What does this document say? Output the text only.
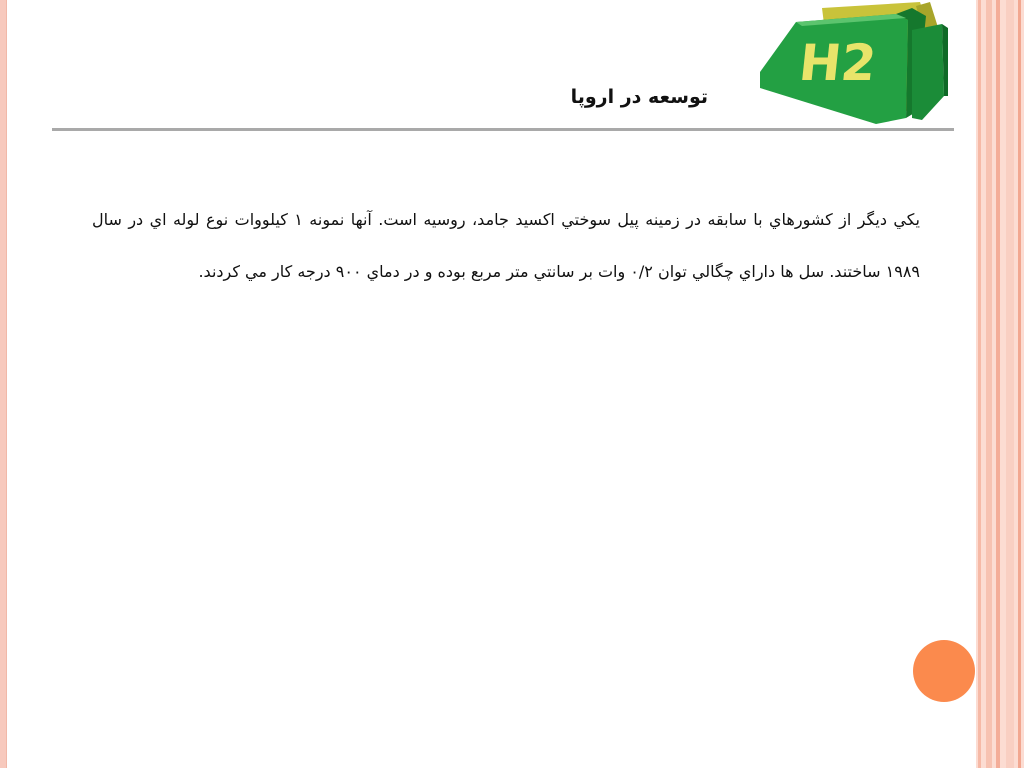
H2
توسعه در اروپا
يكي ديگر از كشورهاي با سابقه در زمينه پيل سوختي اكسيد جامد، روسيه است. آنها نمونه ۱ كيلووات نوع لوله اي در سال ۱۹۸۹ ساختند. سل ها داراي چگالي توان ۰/۲ وات بر سانتي متر مربع بوده و در دماي ۹۰۰ درجه كار مي كردند.
